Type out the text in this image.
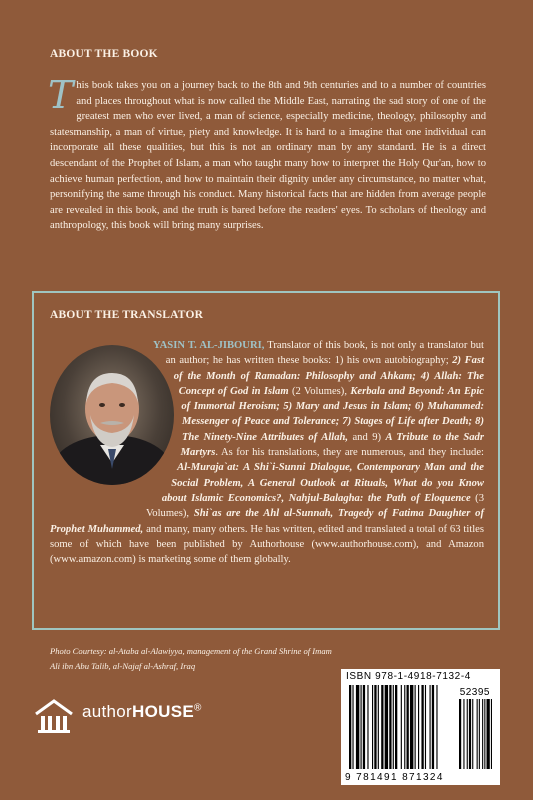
ABOUT THE BOOK
This book takes you on a journey back to the 8th and 9th centuries and to a number of countries and places throughout what is now called the Middle East, narrating the sad story of one of the greatest men who ever lived, a man of science, especially medicine, theology, philosophy and statesmanship, a man of virtue, piety and knowledge. It is hard to a imagine that one individual can incorporate all these qualities, but this is not an ordinary man by any standard. He is a direct descendant of the Prophet of Islam, a man who taught many how to interpret the Holy Qur'an, how to achieve human perfection, and how to maintain their dignity under any circumstance, no matter what, personifying the same through his conduct. Many historical facts that are hidden from average people are revealed in this book, and the truth is bared before the readers' eyes. To scholars of theology and anthropology, this book will bring many surprises.
ABOUT THE TRANSLATOR
YASIN T. AL-JIBOURI, Translator of this book, is not only a translator but an author; he has written these books: 1) his own autobiography; 2) Fast of the Month of Ramadan: Philosophy and Ahkam; 4) Allah: The Concept of God in Islam (2 Volumes), Kerbala and Beyond: An Epic of Immortal Heroism; 5) Mary and Jesus in Islam; 6) Muhammed: Messenger of Peace and Tolerance; 7) Stages of Life after Death; 8) The Ninety-Nine Attributes of Allah, and 9) A Tribute to the Sadr Martyrs. As for his translations, they are numerous, and they include: Al-Muraja`at: A Shi`i-Sunni Dialogue, Contemporary Man and the Social Problem, A General Outlook at Rituals, What do you Know about Islamic Economics?, Nahjul-Balagha: the Path of Eloquence (3 Volumes), Shi`as are the Ahl al-Sunnah, Tragedy of Fatima Daughter of Prophet Muhammed, and many, many others. He has written, edited and translated a total of 63 titles some of which have been published by Authorhouse (www.authorhouse.com), and Amazon (www.amazon.com) is marketing some of them globally.
Photo Courtesy: al-Ataba al-Alawiyya, management of the Grand Shrine of Imam Ali ibn Abu Talib, al-Najaf al-Ashraf, Iraq
authorHOUSE®
ISBN 978-1-4918-7132-4
52395
9 781491 871324
